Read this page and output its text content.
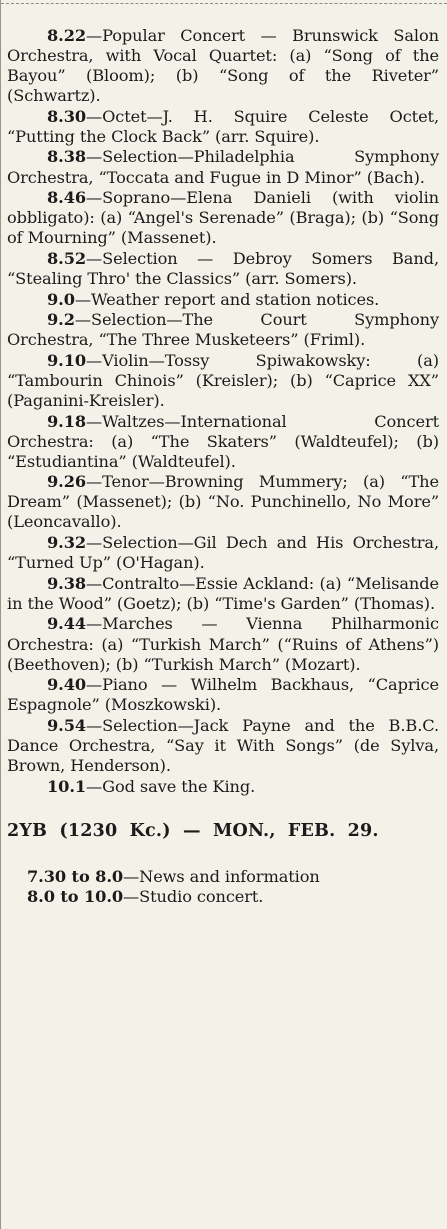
8.22—Popular Concert — Brunswick Salon Orchestra, with Vocal Quartet: (a) “Song of the Bayou” (Bloom); (b) “Song of the Riveter” (Schwartz).
8.30—Octet—J. H. Squire Celeste Octet, “Putting the Clock Back” (arr. Squire).
8.38—Selection—Philadelphia Symphony Orchestra, “Toccata and Fugue in D Minor” (Bach).
8.46—Soprano—Elena Danieli (with violin obbligato): (a) “Angel's Serenade” (Braga); (b) “Song of Mourning” (Massenet).
8.52—Selection — Debroy Somers Band, “Stealing Thro' the Classics” (arr. Somers).
9.0—Weather report and station notices.
9.2—Selection—The Court Symphony Orchestra, “The Three Musketeers” (Friml).
9.10—Violin—Tossy Spiwakowsky: (a) “Tambourin Chinois” (Kreisler); (b) “Caprice XX” (Paganini-Kreisler).
9.18—Waltzes—International Concert Orchestra: (a) “The Skaters” (Waldteufel); (b) “Estudiantina” (Waldteufel).
9.26—Tenor—Browning Mummery; (a) “The Dream” (Massenet); (b) “No. Punchinello, No More” (Leoncavallo).
9.32—Selection—Gil Dech and His Orchestra, “Turned Up” (O'Hagan).
9.38—Contralto—Essie Ackland: (a) “Melisande in the Wood” (Goetz); (b) “Time's Garden” (Thomas).
9.44—Marches — Vienna Philharmonic Orchestra: (a) “Turkish March” (“Ruins of Athens”) (Beethoven); (b) “Turkish March” (Mozart).
9.40—Piano — Wilhelm Backhaus, “Caprice Espagnole” (Moszkowski).
9.54—Selection—Jack Payne and the B.B.C. Dance Orchestra, “Say it With Songs” (de Sylva, Brown, Henderson).
10.1—God save the King.
2YB (1230 Kc.) — MON., FEB. 29.
7.30 to 8.0—News and information
8.0 to 10.0—Studio concert.
